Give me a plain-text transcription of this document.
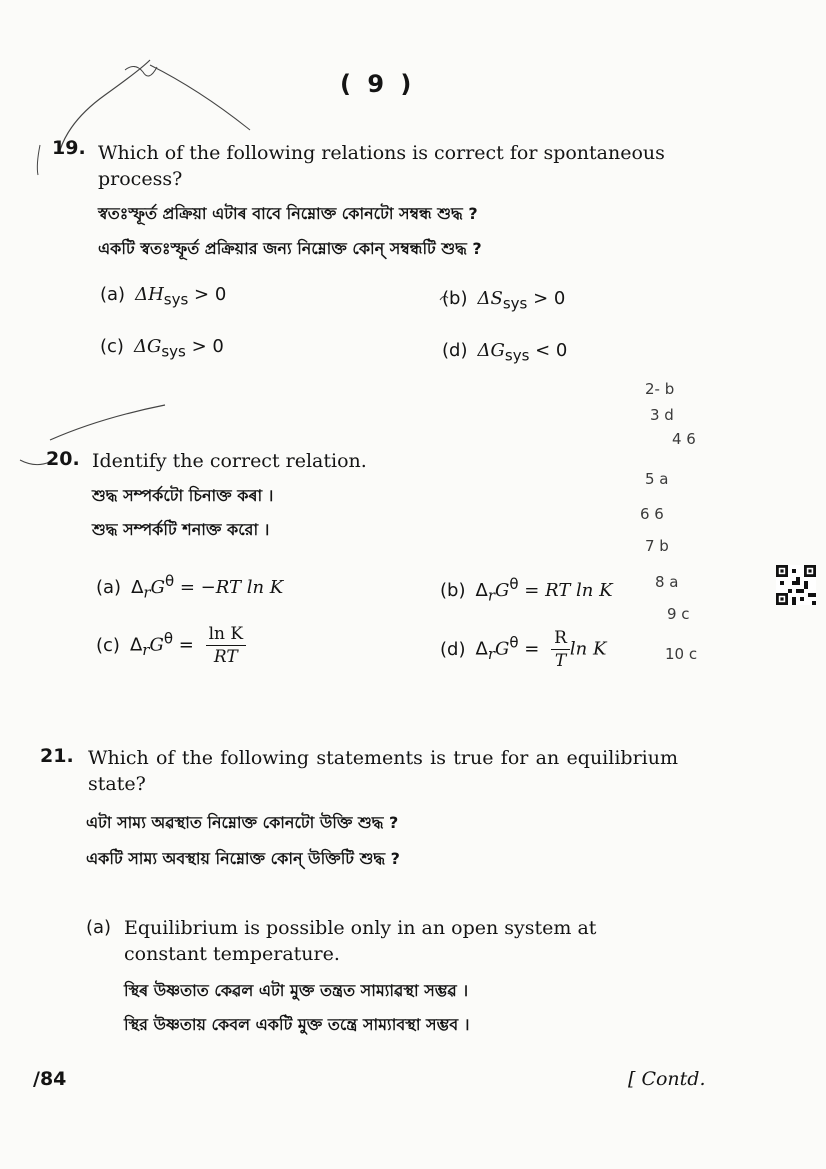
( 9 )
19. Which of the following relations is correct for spontaneous process?
স্বতঃস্ফূৰ্ত প্ৰক্ৰিয়া এটাৰ বাবে নিম্নোক্ত কোনটো সম্বন্ধ শুদ্ধ ?
একটি স্বতঃস্ফূর্ত প্রক্রিয়ার জন্য নিম্নোক্ত কোন্ সম্বন্ধটি শুদ্ধ ?
(a) $\Delta H_{sys} > 0$	(b) $\Delta S_{sys} > 0$
(c) $\Delta G_{sys} > 0$	(d) $\Delta G_{sys} < 0$
20. Identify the correct relation.
শুদ্ধ সম্পৰ্কটো চিনাক্ত কৰা ।
শুদ্ধ সম্পর্কটি শনাক্ত করো ।
(a) $\Delta_rG^\theta = -RT$ ln K	(b) $\Delta_rG^\theta$ = RT ln K
(c) $\Delta_rG^\theta = \frac{\text{ln K}}{RT}$	(d) $\Delta_rG^\theta = \frac{R}{T}$ ln K
2- b
3 d
4 6
5 a
6 6
7 b
8 a
9 c
10 c
21. Which of the following statements is true for an equilibrium state?
এটা সাম্য অৱস্থাত নিম্নোক্ত কোনটো উক্তি শুদ্ধ ?
একটি সাম্য অবস্থায় নিম্নোক্ত কোন্ উক্তিটি শুদ্ধ ?
(a) Equilibrium is possible only in an open system at constant temperature.
স্থিৰ উষ্ণতাত কেৱল এটা মুক্ত তন্ত্ৰত সাম্যাৱস্থা সম্ভৱ ।
স্থির উষ্ণতায় কেবল একটি মুক্ত তন্ত্রে সাম্যাবস্থা সম্ভব ।
/84	[ Contd.
